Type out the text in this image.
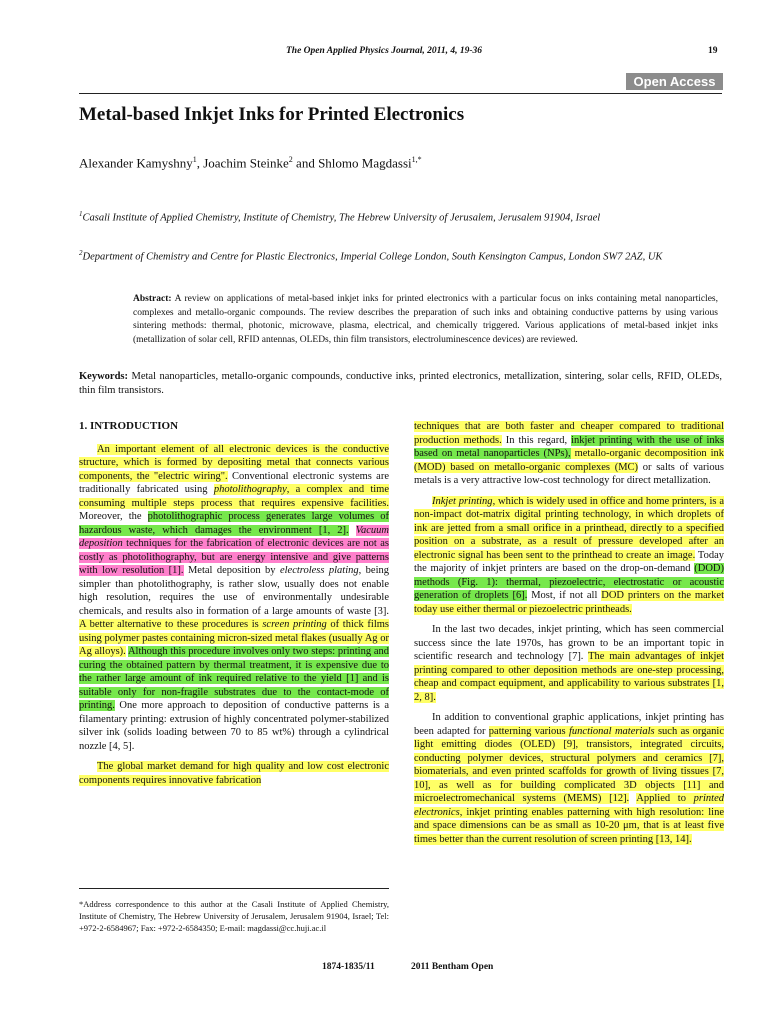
The Open Applied Physics Journal, 2011, 4, 19-36	19
Open Access
Metal-based Inkjet Inks for Printed Electronics
Alexander Kamyshny$^1$, Joachim Steinke$^2$ and Shlomo Magdassi$^{1,*}$
$^1$Casali Institute of Applied Chemistry, Institute of Chemistry, The Hebrew University of Jerusalem, Jerusalem 91904, Israel
$^2$Department of Chemistry and Centre for Plastic Electronics, Imperial College London, South Kensington Campus, London SW7 2AZ, UK
Abstract: A review on applications of metal-based inkjet inks for printed electronics with a particular focus on inks containing metal nanoparticles, complexes and metallo-organic compounds. The review describes the preparation of such inks and obtaining conductive patterns by using various sintering methods: thermal, photonic, microwave, plasma, electrical, and chemically triggered. Various applications of metal-based inkjet inks (metallization of solar cell, RFID antennas, OLEDs, thin film transistors, electroluminescence devices) are reviewed.
Keywords: Metal nanoparticles, metallo-organic compounds, conductive inks, printed electronics, metallization, sintering, solar cells, RFID, OLEDs, thin film transistors.
1. INTRODUCTION

An important element of all electronic devices is the conductive structure, which is formed by depositing metal that connects various components, the "electric wiring". Conventional electronic systems are traditionally fabricated using photolithography, a complex and time consuming multiple steps process that requires expensive facilities. Moreover, the photolithographic process generates large volumes of hazardous waste, which damages the environment [1, 2]. Vacuum deposition techniques for the fabrication of electronic devices are not as costly as photolithography, but are energy intensive and give patterns with low resolution [1]. Metal deposition by electroless plating, being simpler than photolithography, is rather slow, usually does not enable high resolution, requires the use of environmentally undesirable chemicals, and results also in formation of a large amounts of waste [3]. A better alternative to these procedures is screen printing of thick films using polymer pastes containing micron-sized metal flakes (usually Ag or Ag alloys). Although this procedure involves only two steps: printing and curing the obtained pattern by thermal treatment, it is expensive due to the rather large amount of ink required relative to the yield [1] and is suitable only for non-fragile substrates due to the contact-mode of printing. One more approach to deposition of conductive patterns is a filamentary printing: extrusion of highly concentrated polymer-stabilized silver ink (solids loading between 70 to 85 wt%) through a cylindrical nozzle [4, 5].

The global market demand for high quality and low cost electronic components requires innovative fabrication

techniques that are both faster and cheaper compared to traditional production methods. In this regard, inkjet printing with the use of inks based on metal nanoparticles (NPs), metallo-organic decomposition ink (MOD) based on metallo-organic complexes (MC) or salts of various metals is a very attractive low-cost technology for direct metallization.

Inkjet printing, which is widely used in office and home printers, is a non-impact dot-matrix digital printing technology, in which droplets of ink are jetted from a small orifice in a printhead, directly to a specified position on a substrate, as a result of pressure developed after an electronic signal has been sent to the printhead to create an image. Today the majority of inkjet printers are based on the drop-on-demand (DOD) methods (Fig. 1): thermal, piezoelectric, electrostatic or acoustic generation of droplets [6]. Most, if not all DOD printers on the market today use either thermal or piezoelectric printheads.

In the last two decades, inkjet printing, which has seen commercial success since the late 1970s, has grown to be an important topic in scientific research and technology [7]. The main advantages of inkjet printing compared to other deposition methods are one-step processing, cheap and compact equipment, and applicability to various substrates [1, 2, 8].

In addition to conventional graphic applications, inkjet printing has been adapted for patterning various functional materials such as organic light emitting diodes (OLED) [9], transistors, integrated circuits, conducting polymer devices, structural polymers and ceramics [7], biomaterials, and even printed scaffolds for growth of living tissues [7, 10], as well as for building complicated 3D objects [11] and microelectromechanical systems (MEMS) [12]. Applied to printed electronics, inkjet printing enables patterning with high resolution: line and space dimensions can be as small as 10-20 μm, that is at least five times better than the current resolution of screen printing [13, 14].

*Address correspondence to this author at the Casali Institute of Applied Chemistry, Institute of Chemistry, The Hebrew University of Jerusalem, Jerusalem 91904, Israel; Tel: +972-2-6584967; Fax: +972-2-6584350; E-mail: magdassi@cc.huji.ac.il
1874-1835/11	2011 Bentham Open
